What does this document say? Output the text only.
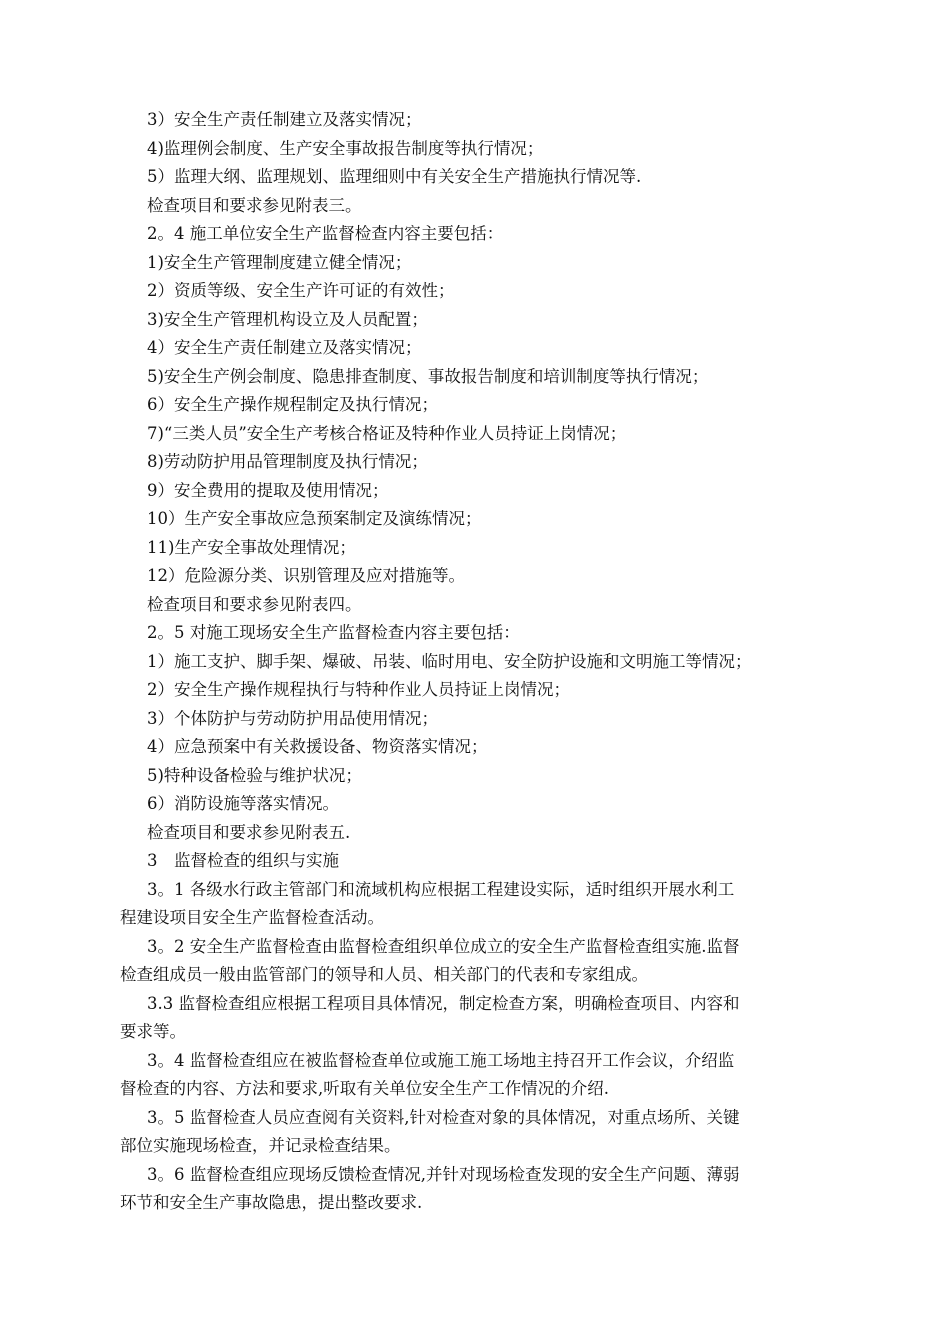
3）安全生产责任制建立及落实情况；
4)监理例会制度、生产安全事故报告制度等执行情况；
5）监理大纲、监理规划、监理细则中有关安全生产措施执行情况等.
检查项目和要求参见附表三。
2。4 施工单位安全生产监督检查内容主要包括：
1)安全生产管理制度建立健全情况；
2）资质等级、安全生产许可证的有效性；
3)安全生产管理机构设立及人员配置；
4）安全生产责任制建立及落实情况；
5)安全生产例会制度、隐患排查制度、事故报告制度和培训制度等执行情况；
6）安全生产操作规程制定及执行情况；
7)“三类人员”安全生产考核合格证及特种作业人员持证上岗情况；
8)劳动防护用品管理制度及执行情况；
9）安全费用的提取及使用情况；
10）生产安全事故应急预案制定及演练情况；
11)生产安全事故处理情况；
12）危险源分类、识别管理及应对措施等。
检查项目和要求参见附表四。
2。5 对施工现场安全生产监督检查内容主要包括：
1）施工支护、脚手架、爆破、吊装、临时用电、安全防护设施和文明施工等情况；
2）安全生产操作规程执行与特种作业人员持证上岗情况；
3）个体防护与劳动防护用品使用情况；
4）应急预案中有关救援设备、物资落实情况；
5)特种设备检验与维护状况；
6）消防设施等落实情况。
检查项目和要求参见附表五.
3　监督检查的组织与实施
3。1 各级水行政主管部门和流域机构应根据工程建设实际，适时组织开展水利工
程建设项目安全生产监督检查活动。
3。2 安全生产监督检查由监督检查组织单位成立的安全生产监督检查组实施.监督
检查组成员一般由监管部门的领导和人员、相关部门的代表和专家组成。
3.3 监督检查组应根据工程项目具体情况，制定检查方案，明确检查项目、内容和
要求等。
3。4 监督检查组应在被监督检查单位或施工施工场地主持召开工作会议，介绍监
督检查的内容、方法和要求,听取有关单位安全生产工作情况的介绍.
3。5 监督检查人员应查阅有关资料,针对检查对象的具体情况，对重点场所、关键
部位实施现场检查，并记录检查结果。
3。6 监督检查组应现场反馈检查情况,并针对现场检查发现的安全生产问题、薄弱
环节和安全生产事故隐患，提出整改要求.
